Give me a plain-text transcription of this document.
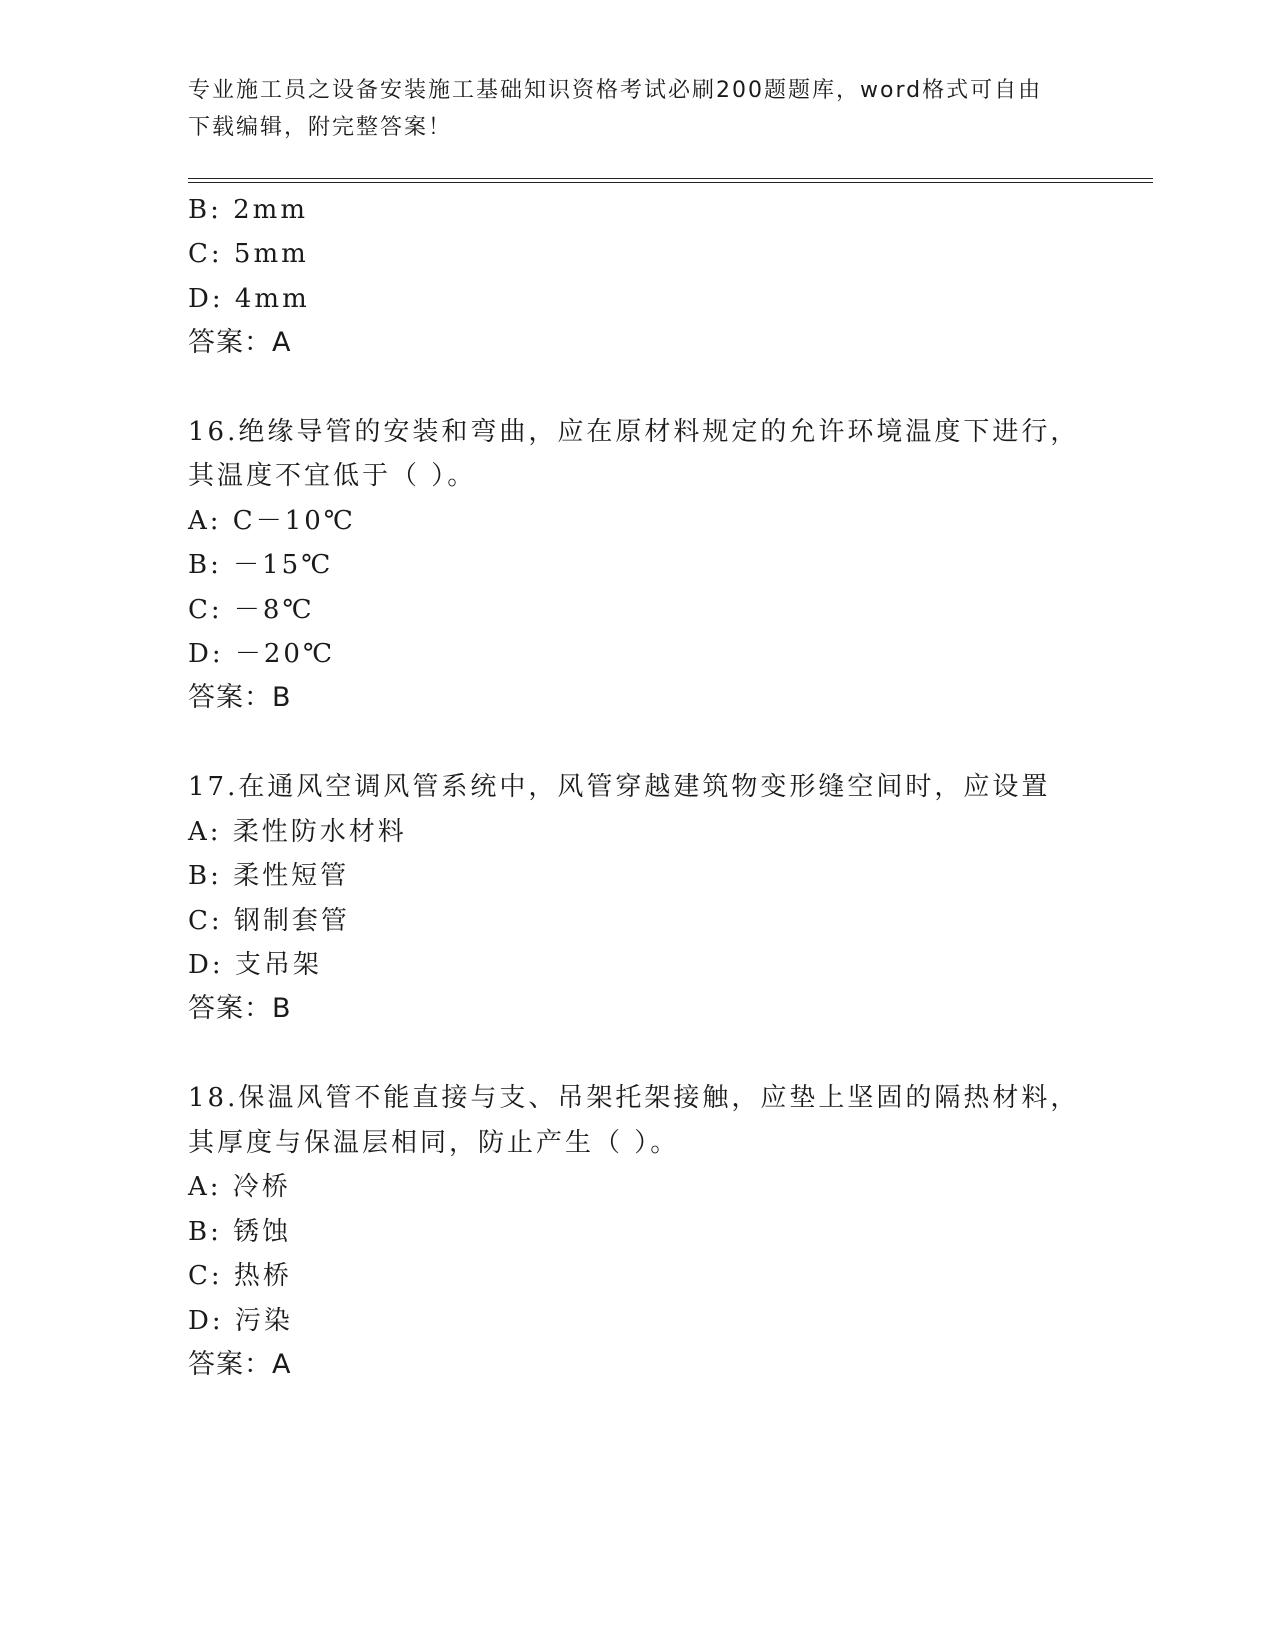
专业施工员之设备安装施工基础知识资格考试必刷200题题库，word格式可自由
下载编辑，附完整答案！
B: 2mm
C: 5mm
D: 4mm
答案：A
16.绝缘导管的安装和弯曲，应在原材料规定的允许环境温度下进行，
其温度不宜低于（ ）。
A: C－10℃
B: －15℃
C: －8℃
D: －20℃
答案：B
17.在通风空调风管系统中，风管穿越建筑物变形缝空间时，应设置
A: 柔性防水材料
B: 柔性短管
C: 钢制套管
D: 支吊架
答案：B
18.保温风管不能直接与支、吊架托架接触，应垫上坚固的隔热材料，
其厚度与保温层相同，防止产生（ ）。
A: 冷桥
B: 锈蚀
C: 热桥
D: 污染
答案：A
